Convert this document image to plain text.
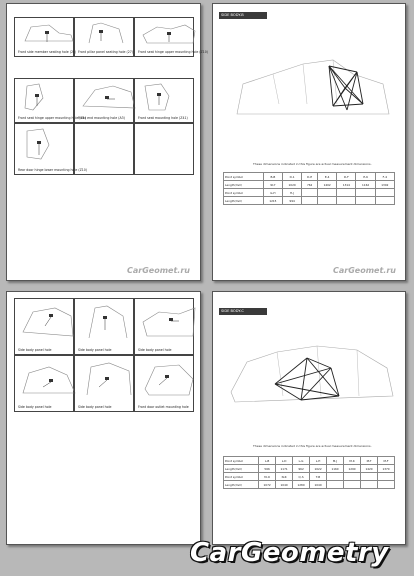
Front side member seating hole (28) Front pillar panel seating hole (27) Front seat hinge upper mounting hole (Z10)
Front seat hinge upper mounting hole (Z1)
Front end mounting hole (A3)	Front seat mounting hole (Z41)
Rear door hinge lower mounting hole (Z10)
CarGeomet.ru
SIDE BODY-B
These dimensions indicated in this figure are actual measurement dimensions.
Point symbol	B-B	D-1	D-E	E-4	D-F	E-6	F-4
Length(mm)	917	1020	762	1402	1314	1162	1302
Point symbol	G-H	H-J					
Length(mm)	1215	994					
CarGeomet.ru
Side body panel hole	Side body panel hole	Side body panel hole
Side body panel hole	Side body panel hole	Front door outlet mounting hole
SIDE BODY-C
These dimensions indicated in this figure are actual measurement dimensions.
Point symbol	L-B	L-D	L-G	L-H	M-J	M-K	M-T	M-F
Length(mm)	566	1171	962	1022	1160	1290	1420	1370
Point symbol	M-O	N-R	Q-S	T-B				
Length(mm)	1072	1040	1280	1040				
CarGeometry
